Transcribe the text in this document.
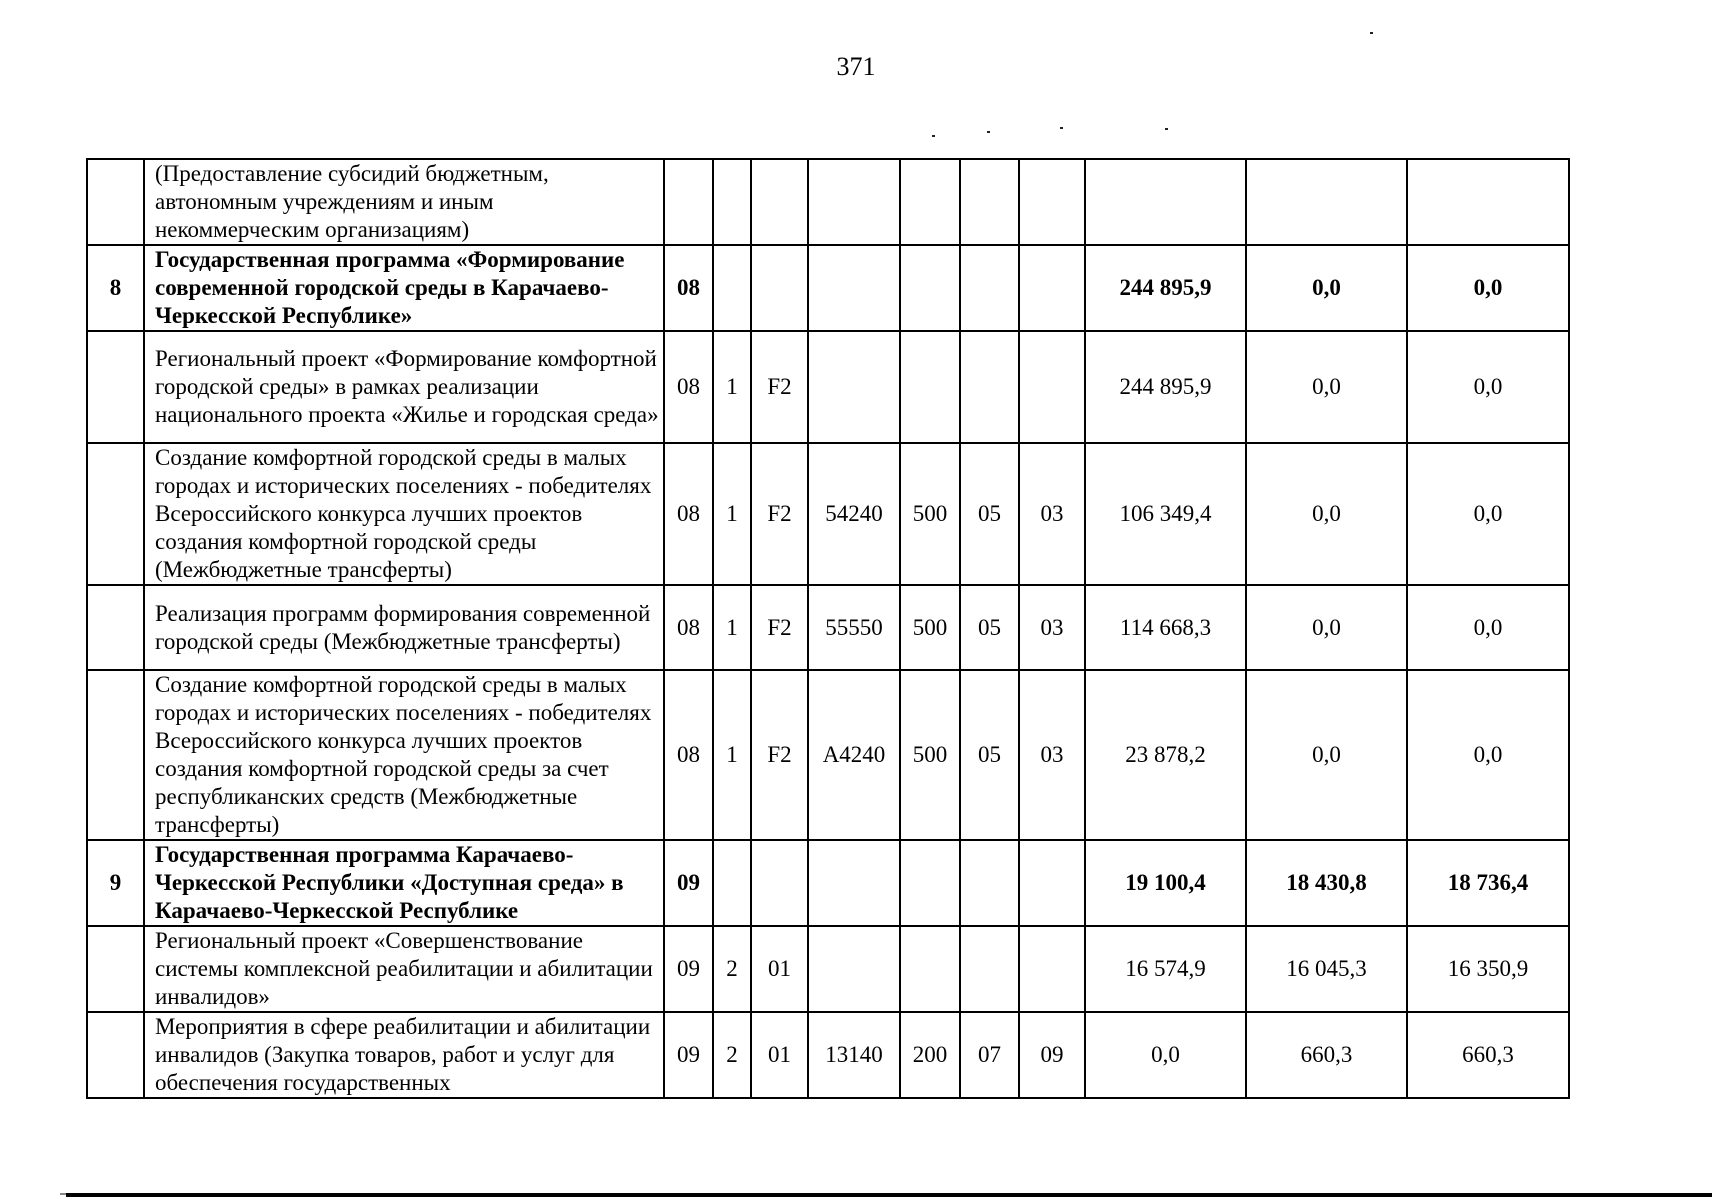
371
	(Предоставление субсидий бюджетным, автономным учреждениям и иным некоммерческим организациям)										
8	Государственная программа «Формирование современной городской среды в Карачаево-Черкесской Республике»	08							244 895,9	0,0	0,0
	Региональный проект «Формирование комфортной городской среды» в рамках реализации национального проекта «Жилье и городская среда»	08	1	F2					244 895,9	0,0	0,0
	Создание комфортной городской среды в малых городах и исторических поселениях - победителях Всероссийского конкурса лучших проектов создания комфортной городской среды (Межбюджетные трансферты)	08	1	F2	54240	500	05	03	106 349,4	0,0	0,0
	Реализация программ формирования современной городской среды (Межбюджетные трансферты)	08	1	F2	55550	500	05	03	114 668,3	0,0	0,0
	Создание комфортной городской среды в малых городах и исторических поселениях - победителях Всероссийского конкурса лучших проектов создания комфортной городской среды за счет республиканских средств (Межбюджетные трансферты)	08	1	F2	A4240	500	05	03	23 878,2	0,0	0,0
9	Государственная программа Карачаево-Черкесской Республики «Доступная среда» в Карачаево-Черкесской Республике	09							19 100,4	18 430,8	18 736,4
	Региональный проект «Совершенствование системы комплексной реабилитации и абилитации инвалидов»	09	2	01					16 574,9	16 045,3	16 350,9
	Мероприятия в сфере реабилитации и абилитации инвалидов (Закупка товаров, работ и услуг для обеспечения государственных	09	2	01	13140	200	07	09	0,0	660,3	660,3
